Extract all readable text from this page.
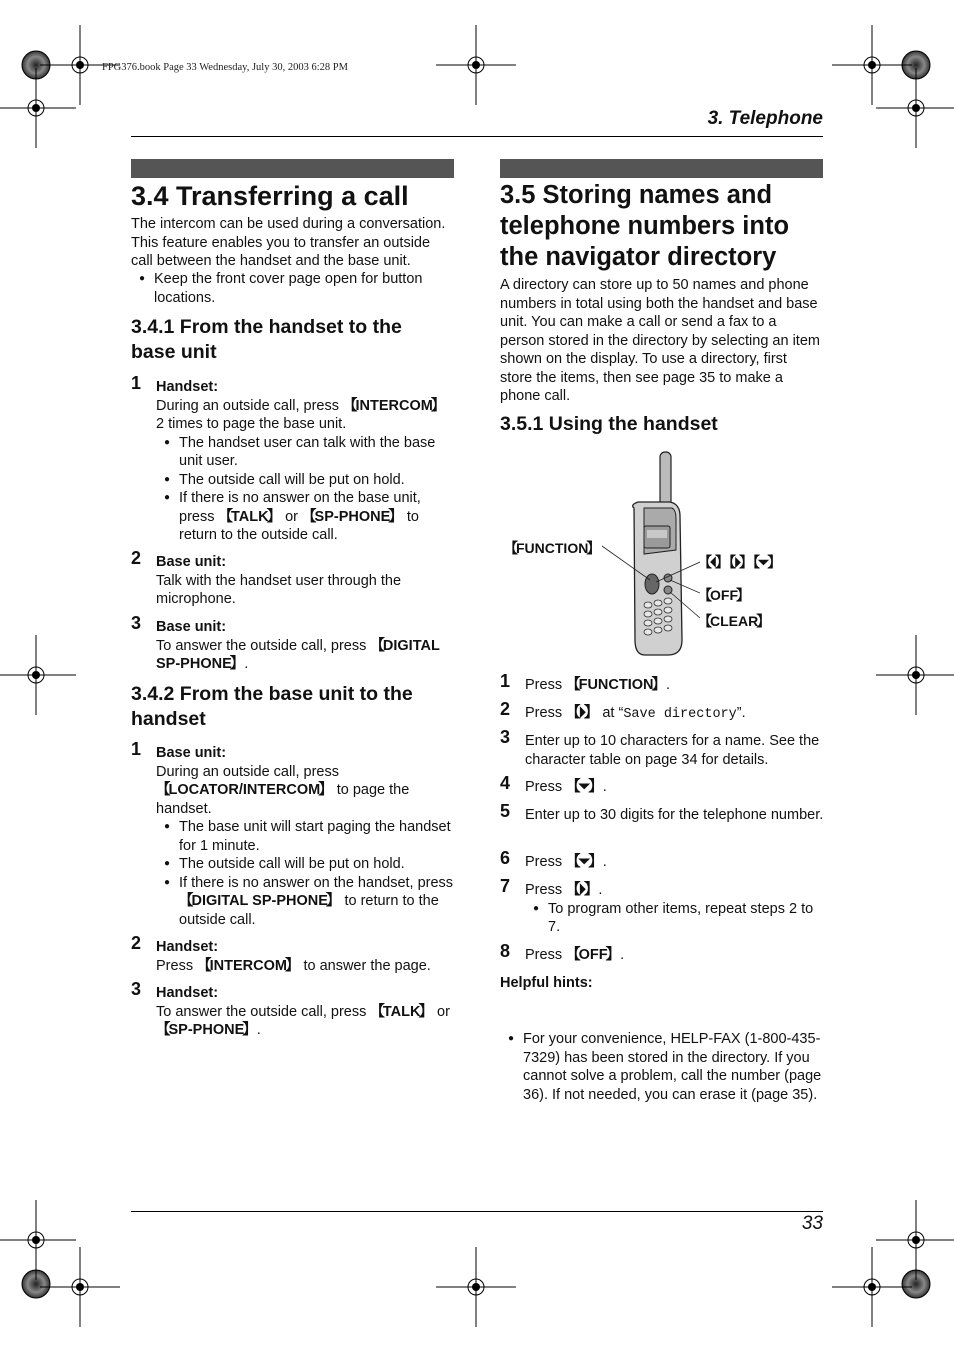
FPG376.book Page 33 Wednesday, July 30, 2003 6:28 PM
3. Telephone
3.4 Transferring a call
The intercom can be used during a conversation. This feature enables you to transfer an outside call between the handset and the base unit.
● Keep the front cover page open for button locations.
3.4.1 From the handset to the base unit
1 Handset:
During an outside call, press 【 INTERCOM 】 2 times to page the base unit.
● The handset user can talk with the base unit user.
● The outside call will be put on hold.
● If there is no answer on the base unit, press 【 TALK 】 or 【 SP-PHONE 】 to return to the outside call.
2 Base unit:
Talk with the handset user through the microphone.
3 Base unit:
To answer the outside call, press 【 DIGITAL SP-PHONE 】 .
3.4.2 From the base unit to the handset
1 Base unit:
During an outside call, press 【 LOCATOR/INTERCOM 】 to page the handset.
● The base unit will start paging the handset for 1 minute.
● The outside call will be put on hold.
● If there is no answer on the handset, press 【 DIGITAL SP-PHONE 】 to return to the outside call.
2 Handset:
Press 【 INTERCOM 】 to answer the page.
3 Handset:
To answer the outside call, press 【 TALK 】 or 【 SP-PHONE 】 .
3.5 Storing names and telephone numbers into the navigator directory
A directory can store up to 50 names and phone numbers in total using both the handset and base unit. You can make a call or send a fax to a person stored in the directory by selecting an item shown on the display. To use a directory, first store the items, then see page 35 to make a phone call.
3.5.1 Using the handset
【 FUNCTION 】
【 ⏴ 】 【 ⏵ 】 【 ⏷ 】
【 OFF 】
【 CLEAR 】
1 Press 【 FUNCTION 】 .
2 Press 【 ⏵ 】 at “Save directory”.
3 Enter up to 10 characters for a name. See the character table on page 34 for details.
4 Press 【 ⏷ 】 .
5 Enter up to 30 digits for the telephone number.
6 Press 【 ⏷ 】 .
7 Press 【 ⏵ 】 .
● To program other items, repeat steps 2 to 7.
8 Press 【 OFF 】 .
Helpful hints:
● For your convenience, HELP-FAX (1-800-435-7329) has been stored in the directory. If you cannot solve a problem, call the number (page 36). If not needed, you can erase it (page 35).
33
